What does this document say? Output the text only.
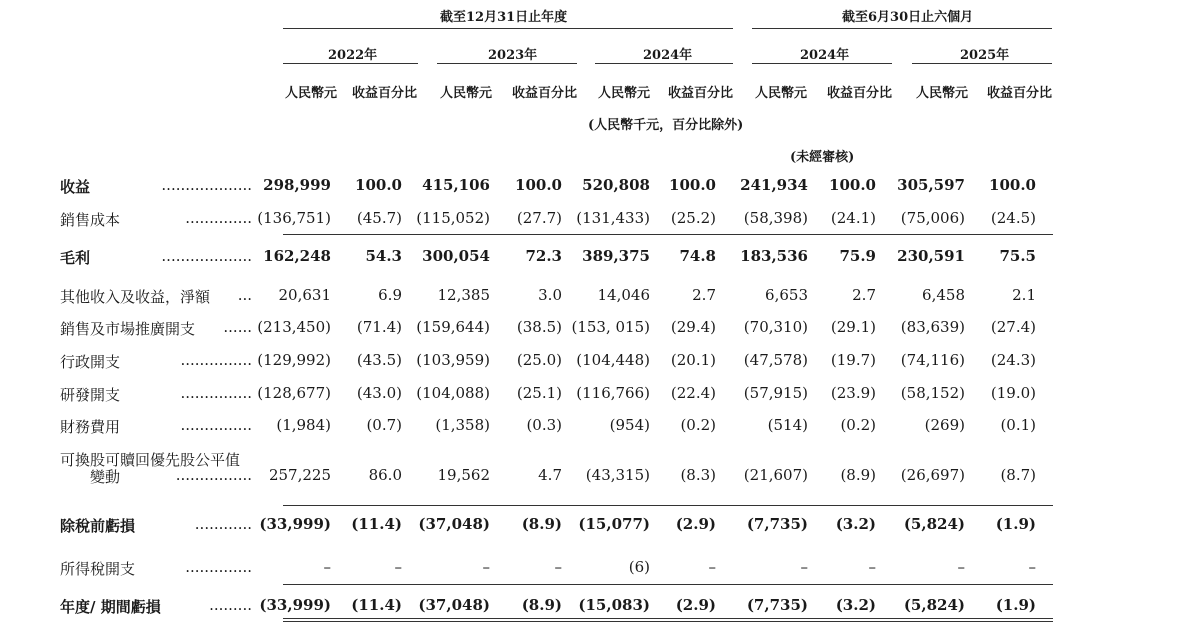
截至12月31日止年度	截至6月30日止六個月
2022年	2023年	2024年	2024年	2025年
人民幣元 收益百分比 人民幣元 收益百分比 人民幣元 收益百分比 人民幣元 收益百分比 人民幣元 收益百分比
(人民幣千元，百分比除外)
(未經審核)
收益	................... 298,999 100.0 415,106 100.0 520,808 100.0 241,934 100.0 305,597 100.0
銷售成本	.............. (136,751) (45.7) (115,052) (27.7) (131,433) (25.2) (58,398) (24.1) (75,006) (24.5)
毛利	................... 162,248 54.3 300,054 72.3 389,375 74.8 183,536 75.9 230,591 75.5
其他收入及收益，淨額 ... 20,631	6.9 12,385	3.0 14,046	2.7	6,653	2.7	6,458	2.1
銷售及市場推廣開支 ...... (213,450) (71.4) (159,644) (38.5) (153, 015) (29.4) (70,310) (29.1) (83,639) (27.4)
行政開支	............... (129,992) (43.5) (103,959) (25.0) (104,448) (20.1) (47,578) (19.7) (74,116) (24.3)
研發開支	............... (128,677) (43.0) (104,088) (25.1) (116,766) (22.4) (57,915) (23.9) (58,152) (19.0)
財務費用	............... (1,984) (0.7) (1,358) (0.3)	(954) (0.2)	(514) (0.2)	(269) (0.1)
可換股可贖回優先股公平值
變動	................ 257,225	86.0 19,562	4.7 (43,315) (8.3) (21,607) (8.9) (26,697) (8.7)
除稅前虧損	............ (33,999) (11.4) (37,048) (8.9) (15,077) (2.9) (7,735) (3.2) (5,824) (1.9)
所得稅開支	..............	–	–	–	–	(6)	–	–	–	–	–
年度/ 期間虧損	......... (33,999) (11.4) (37,048) (8.9) (15,083) (2.9) (7,735) (3.2) (5,824) (1.9)
